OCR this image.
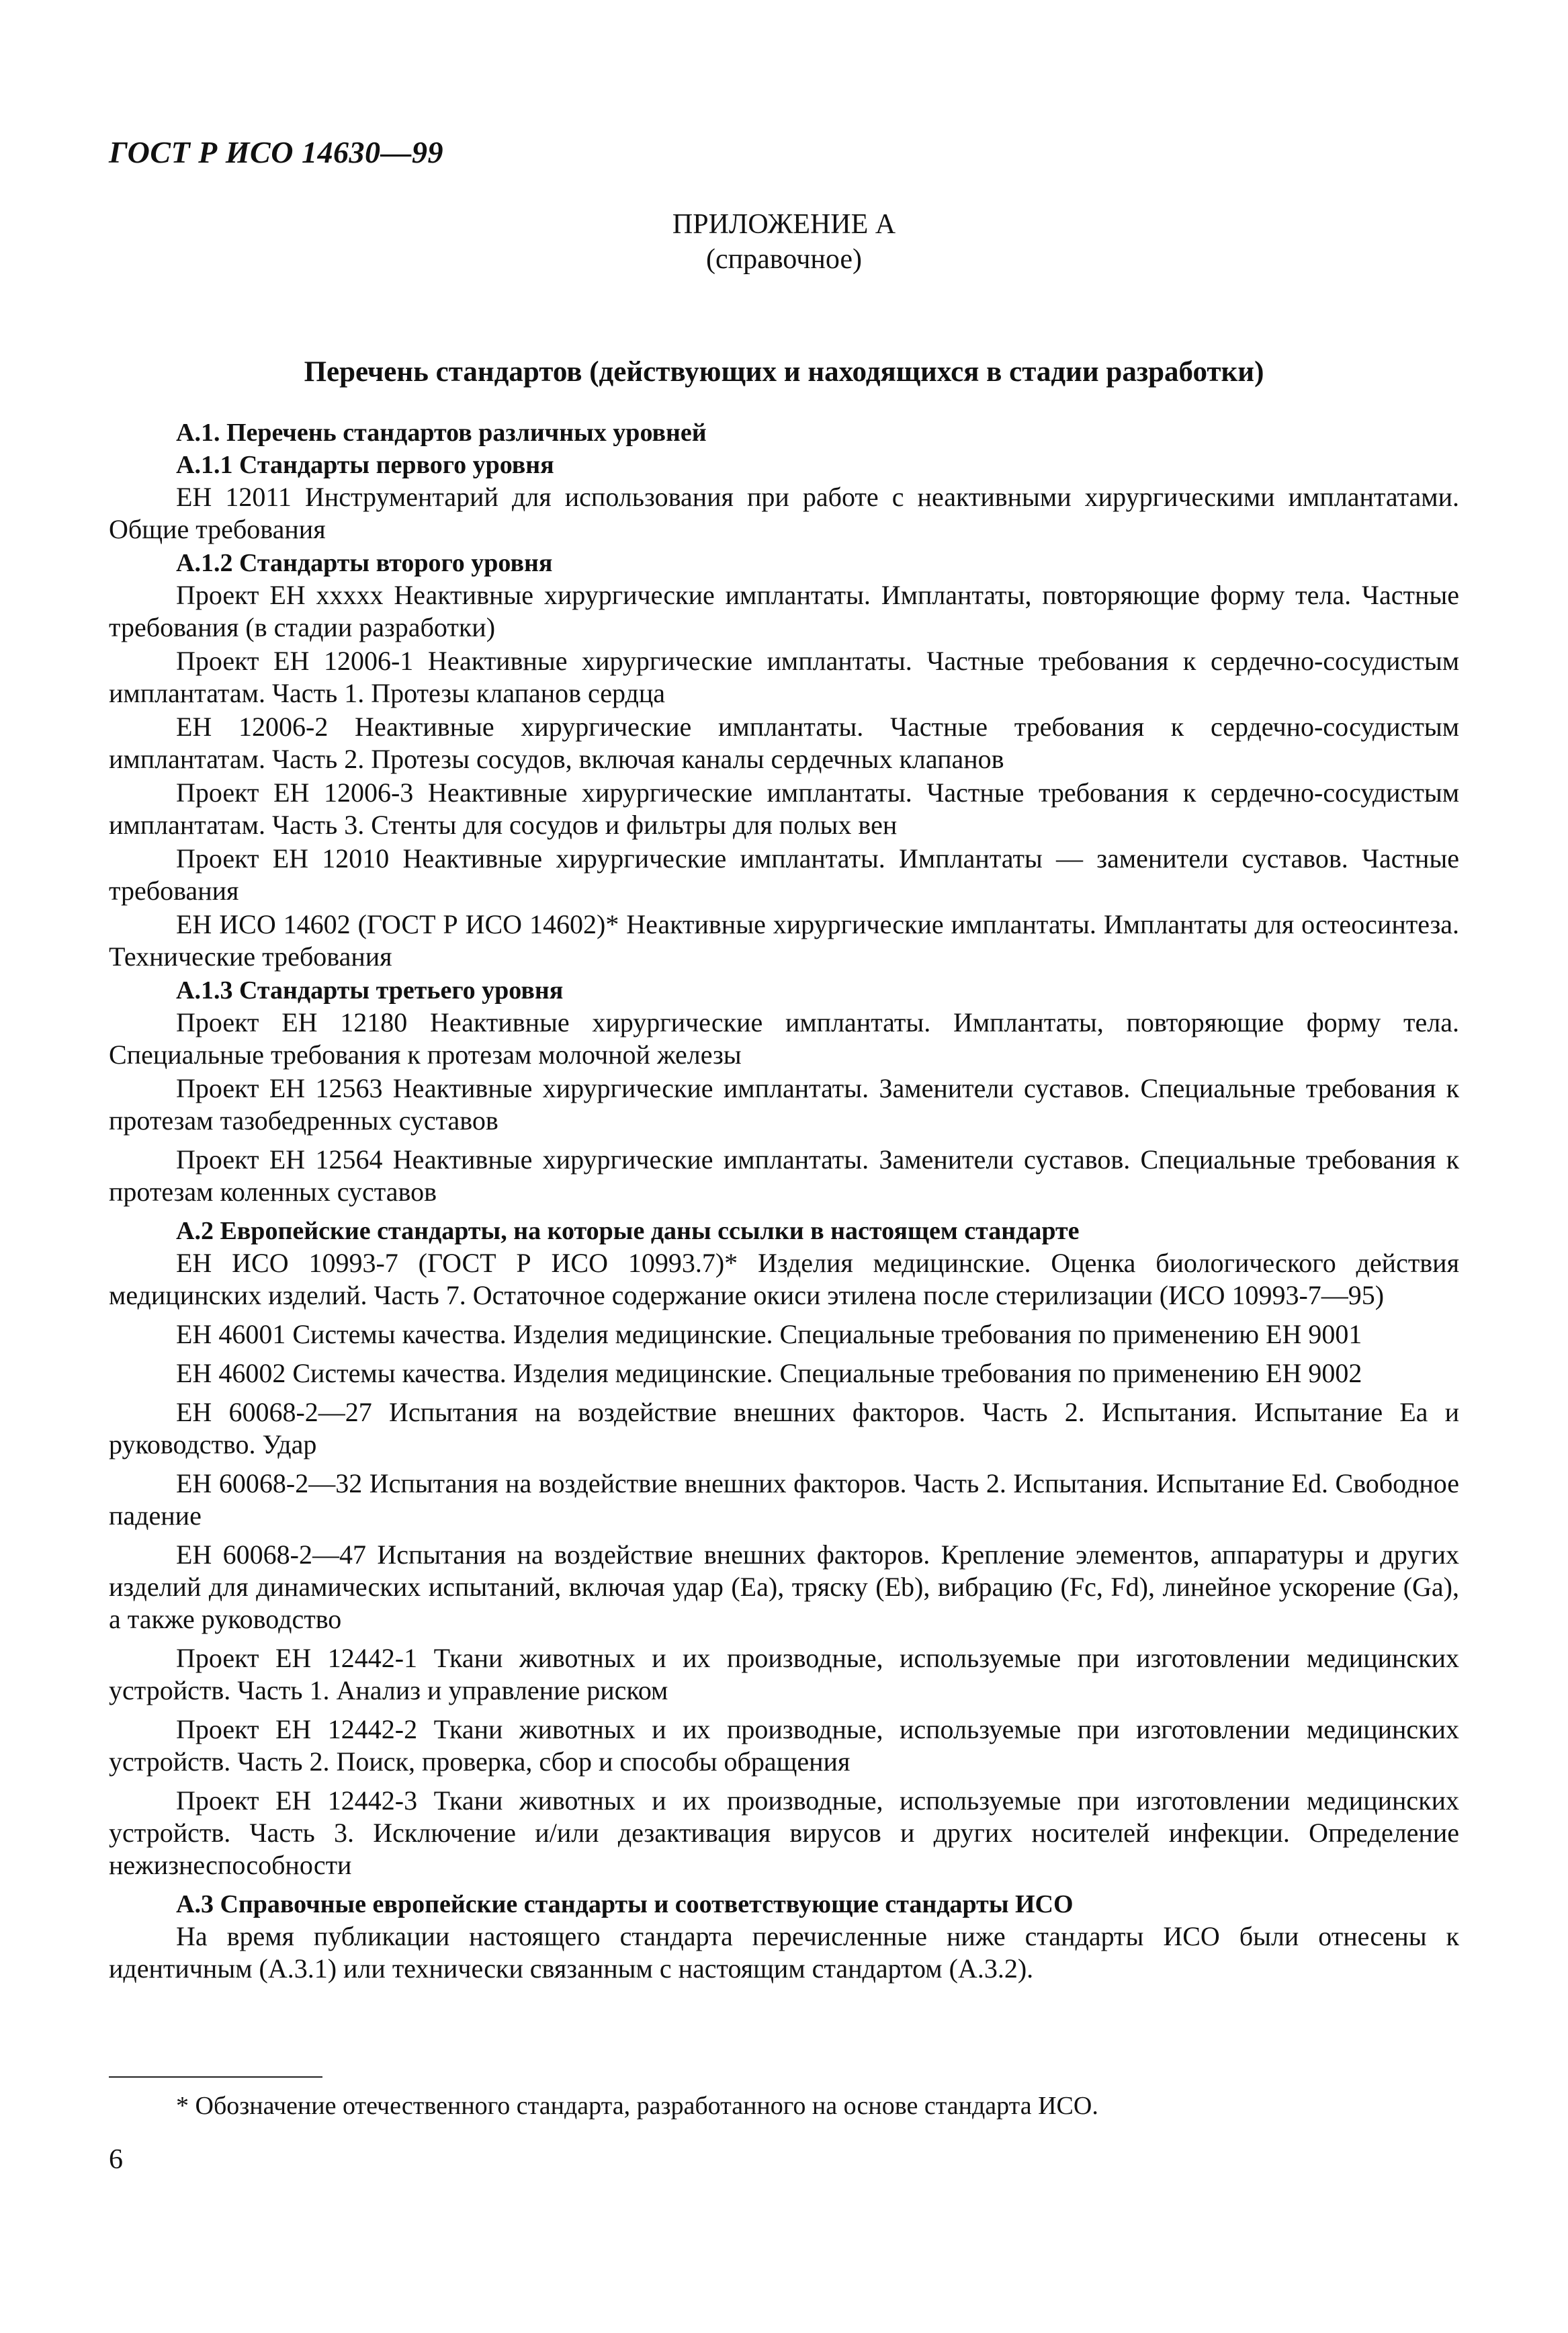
ГОСТ Р ИСО 14630—99
ПРИЛОЖЕНИЕ А
(справочное)
Перечень стандартов (действующих и находящихся в стадии разработки)

А.1. Перечень стандартов различных уровней

А.1.1 Стандарты первого уровня

ЕН 12011 Инструментарий для использования при работе с неактивными хирургическими имплантатами. Общие требования

А.1.2 Стандарты второго уровня

Проект ЕН ххххх Неактивные хирургические имплантаты. Имплантаты, повторяющие форму тела. Частные требования (в стадии разработки)

Проект ЕН 12006-1 Неактивные хирургические имплантаты. Частные требования к сердечно-сосудистым имплантатам. Часть 1. Протезы клапанов сердца

ЕН 12006-2 Неактивные хирургические имплантаты. Частные требования к сердечно-сосудистым имплантатам. Часть 2. Протезы сосудов, включая каналы сердечных клапанов

Проект ЕН 12006-3 Неактивные хирургические имплантаты. Частные требования к сердечно-сосудистым имплантатам. Часть 3. Стенты для сосудов и фильтры для полых вен

Проект ЕН 12010 Неактивные хирургические имплантаты. Имплантаты — заменители суставов. Частные требования

ЕН ИСО 14602 (ГОСТ Р ИСО 14602)* Неактивные хирургические имплантаты. Имплантаты для остеосинтеза. Технические требования

А.1.3 Стандарты третьего уровня

Проект ЕН 12180 Неактивные хирургические имплантаты. Имплантаты, повторяющие форму тела. Специальные требования к протезам молочной железы

Проект ЕН 12563 Неактивные хирургические имплантаты. Заменители суставов. Специальные требования к протезам тазобедренных суставов

Проект ЕН 12564 Неактивные хирургические имплантаты. Заменители суставов. Специальные требования к протезам коленных суставов

А.2 Европейские стандарты, на которые даны ссылки в настоящем стандарте

ЕН ИСО 10993-7 (ГОСТ Р ИСО 10993.7)* Изделия медицинские. Оценка биологического действия медицинских изделий. Часть 7. Остаточное содержание окиси этилена после стерилизации (ИСО 10993-7—95)

ЕН 46001 Системы качества. Изделия медицинские. Специальные требования по применению ЕН 9001

ЕН 46002 Системы качества. Изделия медицинские. Специальные требования по применению ЕН 9002

ЕН 60068-2—27 Испытания на воздействие внешних факторов. Часть 2. Испытания. Испытание Еа и руководство. Удар

ЕН 60068-2—32 Испытания на воздействие внешних факторов. Часть 2. Испытания. Испытание Ed. Свободное падение

ЕН 60068-2—47 Испытания на воздействие внешних факторов. Крепление элементов, аппаратуры и других изделий для динамических испытаний, включая удар (Еа), тряску (Eb), вибрацию (Fc, Fd), линейное ускорение (Ga), а также руководство

Проект ЕН 12442-1 Ткани животных и их производные, используемые при изготовлении медицинских устройств. Часть 1. Анализ и управление риском

Проект ЕН 12442-2 Ткани животных и их производные, используемые при изготовлении медицинских устройств. Часть 2. Поиск, проверка, сбор и способы обращения

Проект ЕН 12442-3 Ткани животных и их производные, используемые при изготовлении медицинских устройств. Часть 3. Исключение и/или дезактивация вирусов и других носителей инфекции. Определение нежизнеспособности

А.3 Справочные европейские стандарты и соответствующие стандарты ИСО

На время публикации настоящего стандарта перечисленные ниже стандарты ИСО были отнесены к идентичным (А.3.1) или технически связанным с настоящим стандартом (А.3.2).

* Обозначение отечественного стандарта, разработанного на основе стандарта ИСО.
6
